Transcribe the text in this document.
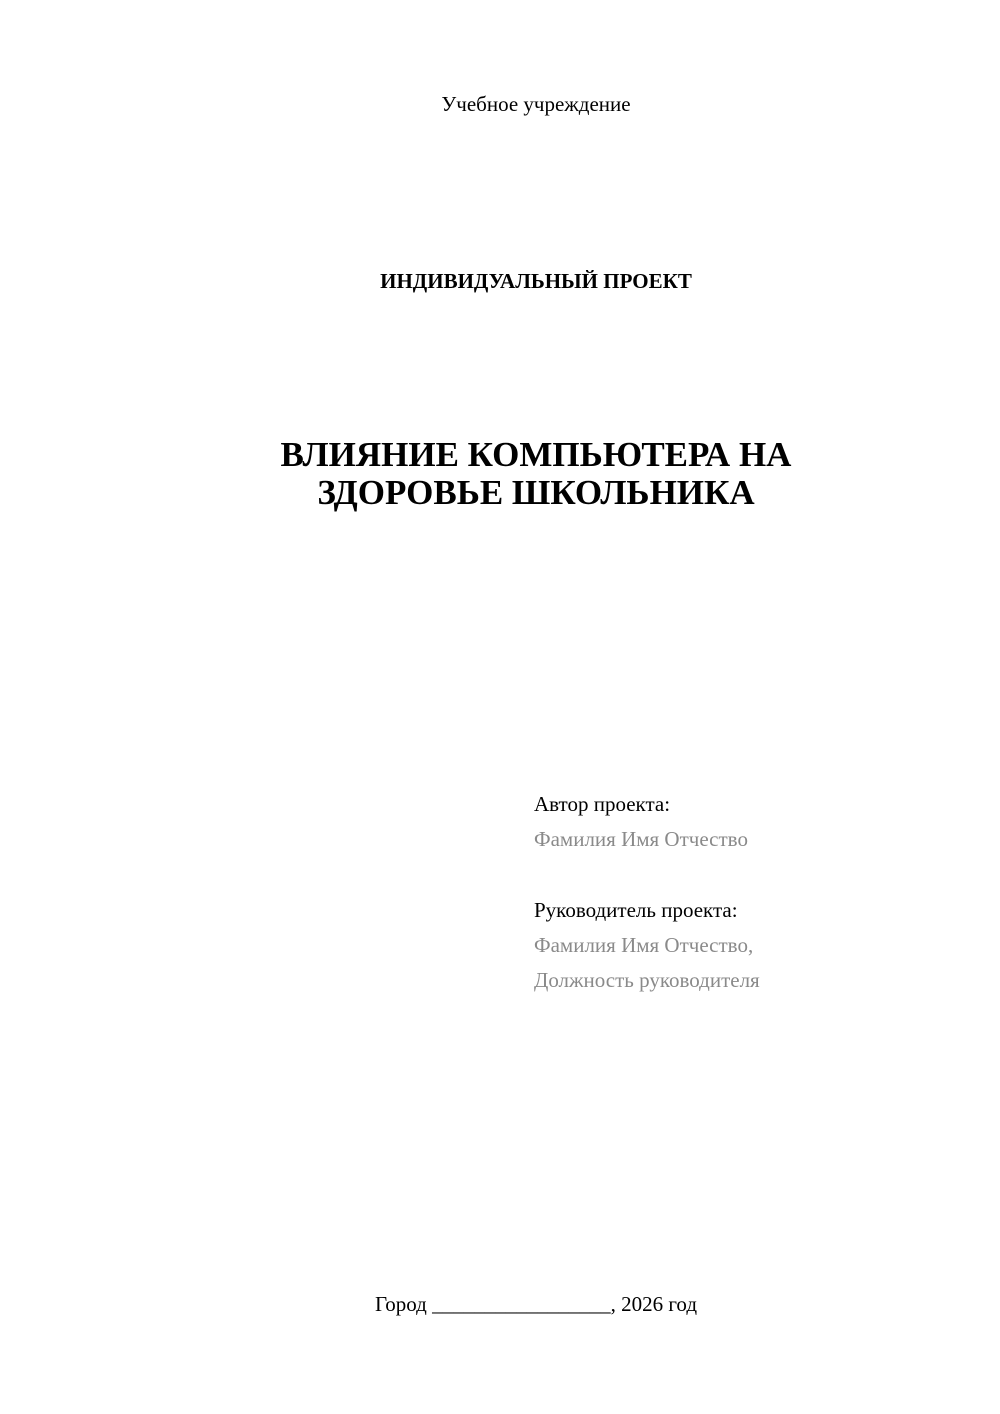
Учебное учреждение
ИНДИВИДУАЛЬНЫЙ ПРОЕКТ
ВЛИЯНИЕ КОМПЬЮТЕРА НА
ЗДОРОВЬЕ ШКОЛЬНИКА
Автор проекта:
Фамилия Имя Отчество
Руководитель проекта:
Фамилия Имя Отчество,
Должность руководителя
Город _________________, 2026 год
